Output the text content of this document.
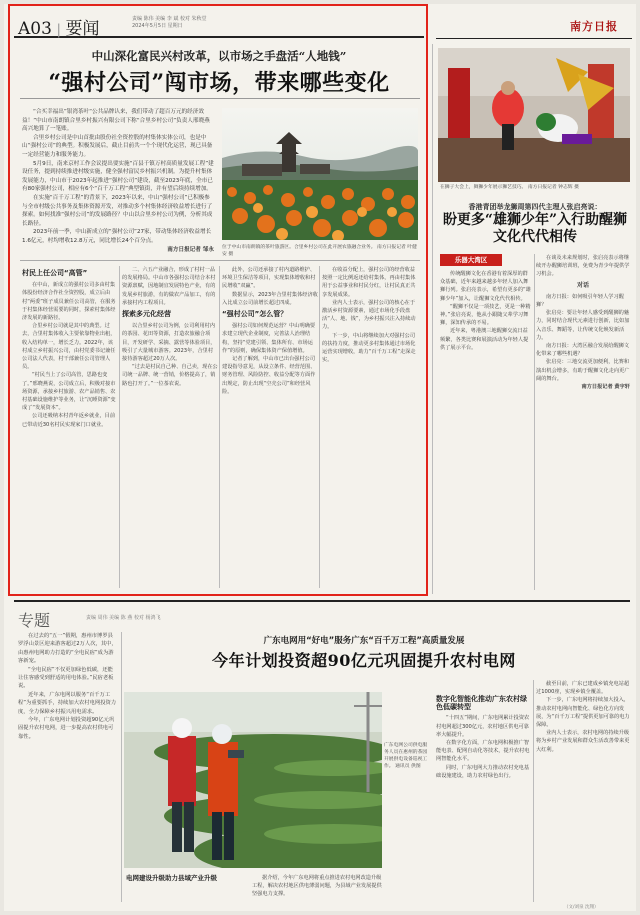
A03 | 要闻	责编 陈伟 美编 李 斌 校对 朱秋堂
2024年5月5日 星期日	南方日报
中山深化富民兴村改革，以市场之手盘活“人地钱”
“强村公司”闯市场，带来哪些变化

“合买幸福出”银湾茶叶“公共品牌认来，我们带动了超百万元的经济效益！”中山市南朗镇合里乡村振兴有限公司下称“合里乡村公司”负责人邢晓燕高兴地算了一笔账。

合里乡村公司是中山首批由股份社全资控股的村集体实体公司，也是中山“强村公司”的典型。积极发展后，截止目前共一个个现代化运营，现已具备一定经营能力和服务能力。

5月9日，南来京村工作会议提出要实施“百县千镇万村高质量发展工程”建设任务，提到持续推进村级实施，健全强村富民乡村振兴机制。为提升村集体发展能力，中山市于2023年起推进“强村公司”建设，截至2023年底，全市已有80家强村公司，相应有6个“百千万工程”典型镇街，并有望后续持续增加。

在实施“百千万工程”的背景下，2023年以来，中山“强村公司”已积极参与全市村级公共事务及集体资源开发，对推动多个村集体经济收益增长进行了探索。如何找准“强村公司”的发展路径？中山以合里乡村公司为例，分析其成长路径。

2023年前一季，中山新成立的“强村公司”27家，带动集体经济收益增长1.6亿元，村均增收12.8万元，同比增长24个百分点。

南方日报记者 邹永 位于中山市南朗镇的茶叶旅游区。合里乡村公司在此开展农旅融合业务。 南方日报记者 叶健安 摄
村民上任公司“高管”

在中山，新成立的强村公司多由村集体股份经济合作社全资控股，成立后由村“两委”班子成员兼任公司高管，在服务于村集体经营需要的同时，探索村集体经济发展的新路径。

合里乡村公司就是其中的典型。过去，合里村集体收入主要依靠物业出租，收入结构单一，增长乏力。2022年，该村成立乡村振兴公司，由村党委书记兼任公司法人代表，村干部兼任公司管理人员。

“村民当上了公司高管，思路也变了。”邢晓燕说，公司成立后，积极对接市场资源，承接乡村旅游、农产品销售、农村基础设施维护等业务，让“沉睡资源”变成了“发展资本”。

公司还吸纳本村青年返乡就业，目前已带动近30名村民实现家门口就业。

二、六五产业融合，形成了村村一品的发展格局。中山市各强村公司结合本村资源禀赋，因地制宜发展特色产业，有的发展乡村旅游，有的做农产品加工，有的承接村内工程项目。

探索多元化经营

以合里乡村公司为例，公司利用村内的茶园、花田等资源，打造农旅融合项目，开发研学、采摘、露营等体验项目，吸引了大量城市游客。2023年，合里村接待游客超过20万人次。

“过去是村民自己种、自己卖，现在公司统一品牌、统一营销，价格提高了，销路也打开了。”一位茶农说。

此外，公司还承接了村内道路维护、环境卫生保洁等项目，实现集体增收和村民增收“双赢”。

数据显示，2023年合里村集体经济收入比成立公司前增长超过四成。

“强村公司”怎么管？

强村公司如何规范运营？中山明确要求建立现代企业制度，完善法人治理结构，坚持“党建引领、集体所有、市场运作”的原则，确保集体资产保值增值。

记者了解到，中山市已出台强村公司建设指导意见，从设立条件、经营范围、财务管理、风险防控、收益分配等方面作出规定，防止出现“空壳公司”和经营风险。

在收益分配上，强村公司的经营收益按照一定比例返还给村集体，再由村集体用于公益事业和村民分红，让村民真正共享发展成果。

业内人士表示，强村公司的核心在于激活乡村资源要素，通过市场化手段盘活“人、地、钱”，为乡村振兴注入持续动力。

下一步，中山将继续加大对强村公司的扶持力度，推动更多村集体通过市场化运营实现增收，助力“百千万工程”走深走实。

在狮子大会上，舞狮少年展示狮艺技巧。 南方日报记者 钟志辉 摄
香港青团举龙狮周第四代主理人张启亮说：
盼更多“雄狮少年”入行助醒狮文化代代相传
乐器大湾区

传统醒狮文化在香港有着深厚的群众基础，近年来越来越多年轻人加入舞狮行列。张启亮表示，希望有更多的“雄狮少年”加入，让醒狮文化代代相传。

“醒狮不仅是一项技艺，更是一种精神。”张启亮说，他从小跟随父辈学习舞狮，深知传承的不易。

近年来，粤港澳三地醒狮交流日益频繁，各类比赛和展演活动为年轻人提供了展示平台。

在谈及未来规划时，张启亮表示将继续开办醒狮培训班，免费为青少年提供学习机会。

对话

南方日报：如何吸引年轻人学习醒狮？

张启亮：要让年轻人感受到醒狮的魅力，同时结合现代元素进行创新，比如加入音乐、舞蹈等，让传统文化焕发新活力。

南方日报：大湾区融合发展给醒狮文化带来了哪些机遇？

张启亮：三地交流更加便利，比赛和演出机会增多，有助于醒狮文化走向更广阔的舞台。

南方日报记者 黄宇轩

专题	责编 周伟 美编 陈 燕 校对 杨鸿飞
广东电网用“好电”服务广东“百千万工程”高质量发展
今年计划投资超90亿元巩固提升农村电网

在过去的“五一”假期，惠州市博罗县罗浮山景区迎来游客超过2万人次，其中，由惠州电网助力打造的“全电民宿”成为游客新宠。

“全电民宿”不仅更加绿色低碳，还能让住客感受到舒适的用电体验。”民宿老板说。

近年来，广东电网以服务“百千万工程”为重要抓手，持续加大农村电网投资力度，全力保障乡村振兴用电需求。

今年，广东电网计划投资超90亿元巩固提升农村电网，进一步提高农村供电可靠性。

广东电网公司供电服务人员在惠州的茶园开展供电设备巡视工作。 通讯员 供图
电网建设升级助力县域产业升级	据介绍，今年广东电网将重点推进农村电网改造升级工程，解决农村地区供电薄弱问题，为县域产业发展提供坚强电力支撑。

数字化智能化推动广东农村绿色低碳转型

“十四五”期间，广东电网累计投资农村电网超过300亿元，农村地区供电可靠率大幅提升。

在数字化方面，广东电网积极推广智能电表、配网自动化等技术，提升农村电网智能化水平。

同时，广东电网大力推动农村充电基础设施建设，助力农村绿色出行。

截至目前，广东已建成乡镇充电站超过1000座，实现乡镇全覆盖。

下一步，广东电网将持续加大投入，推动农村电网向智能化、绿色化方向发展，为“百千万工程”提供更加可靠的电力保障。

业内人士表示，农村电网的持续升级将为乡村产业发展和群众生活改善带来更大红利。

（文/刘泉 沈翔）
